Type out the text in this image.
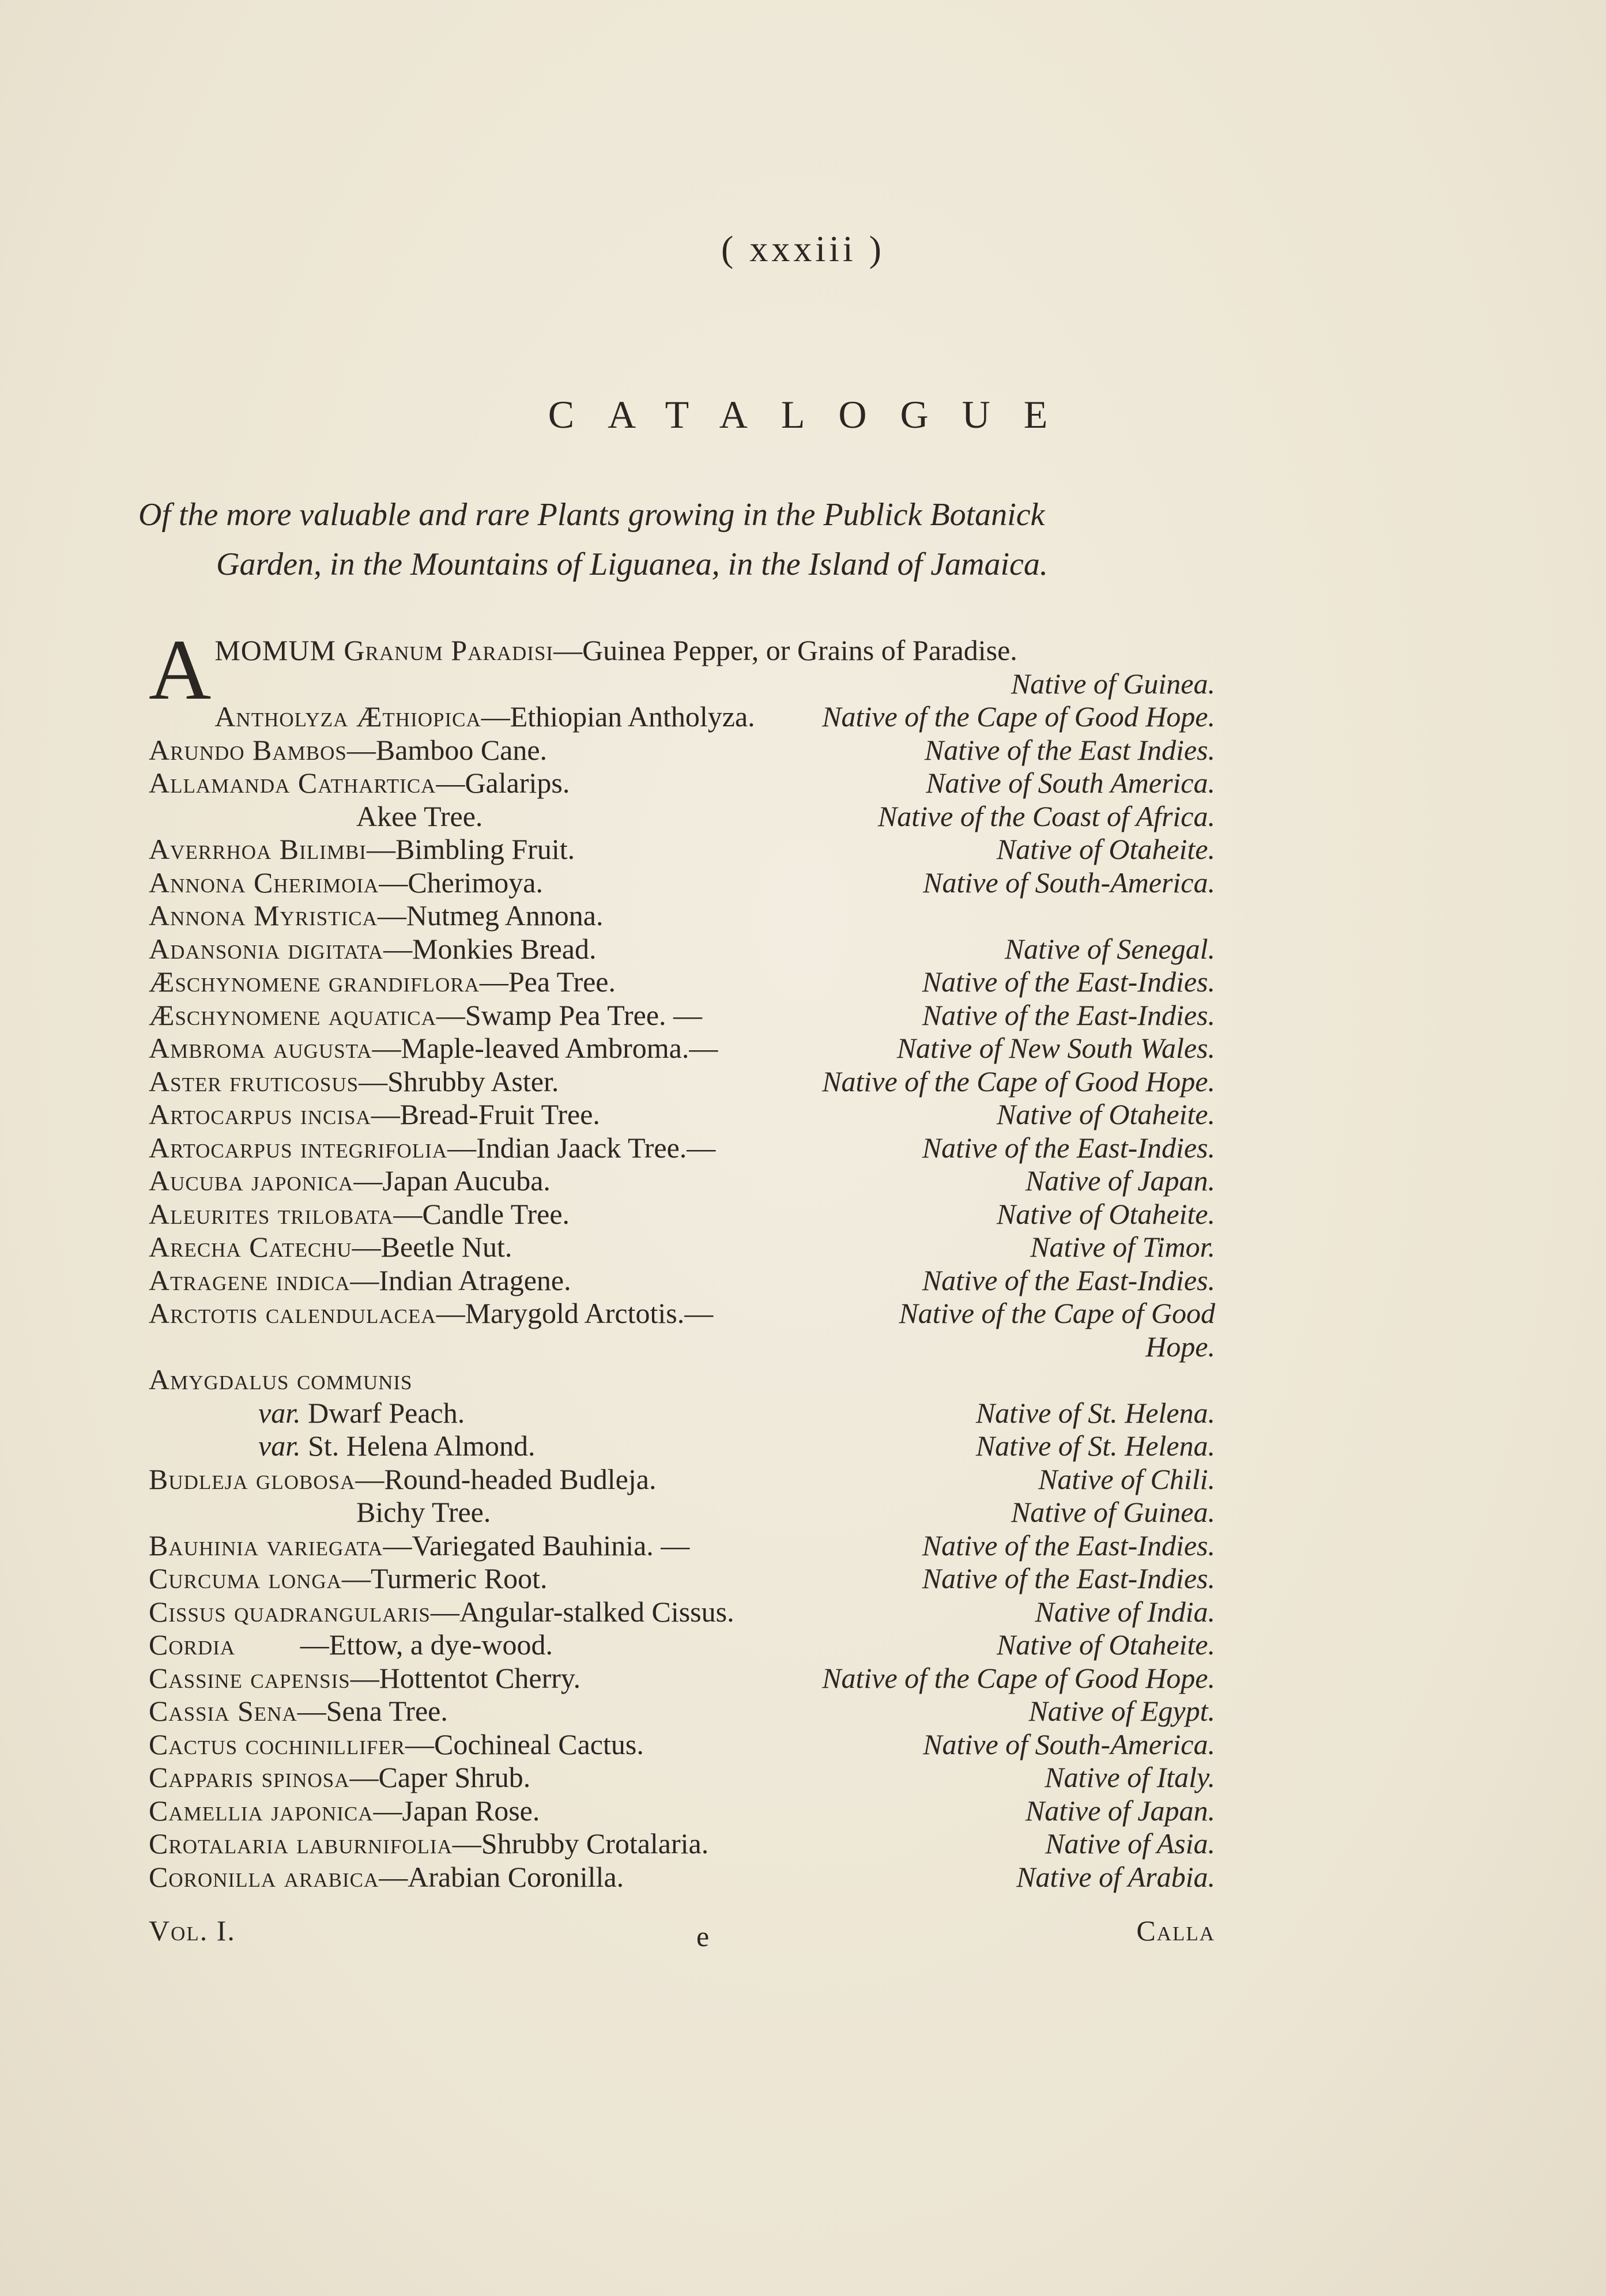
( xxxiii )
CATALOGUE
Of the more valuable and rare Plants growing in the Publick Botanick
Garden, in the Mountains of Liguanea, in the Island of Jamaica.
A MOMUM Granum Paradisi—Guinea Pepper, or Grains of Paradise.
Native of Guinea.
Antholyza Æthiopica—Ethiopian Antholyza. Native of the Cape of Good Hope.
Arundo Bambos—Bamboo Cane.	Native of the East Indies.
Allamanda Cathartica—Galarips.	Native of South America.
Akee Tree.	Native of the Coast of Africa.
Averrhoa Bilimbi—Bimbling Fruit.	Native of Otaheite.
Annona Cherimoia—Cherimoya.	Native of South-America.
Annona Myristica—Nutmeg Annona.
Adansonia digitata—Monkies Bread.	Native of Senegal.
Æschynomene grandiflora—Pea Tree.	Native of the East-Indies.
Æschynomene aquatica—Swamp Pea Tree. —	Native of the East-Indies.
Ambroma augusta—Maple-leaved Ambroma.—	Native of New South Wales.
Aster fruticosus—Shrubby Aster.	Native of the Cape of Good Hope.
Artocarpus incisa—Bread-Fruit Tree.	Native of Otaheite.
Artocarpus integrifolia—Indian Jaack Tree.—	Native of the East-Indies.
Aucuba japonica—Japan Aucuba.	Native of Japan.
Aleurites trilobata—Candle Tree.	Native of Otaheite.
Arecha Catechu—Beetle Nut.	Native of Timor.
Atragene indica—Indian Atragene.	Native of the East-Indies.
Arctotis calendulacea—Marygold Arctotis.—	Native of the Cape of Good Hope.
Amygdalus communis
var. Dwarf Peach.	Native of St. Helena.
var. St. Helena Almond.	Native of St. Helena.
Budleja globosa—Round-headed Budleja.	Native of Chili.
Bichy Tree.	Native of Guinea.
Bauhinia variegata—Variegated Bauhinia. —	Native of the East-Indies.
Curcuma longa—Turmeric Root.	Native of the East-Indies.
Cissus quadrangularis—Angular-stalked Cissus.	Native of India.
Cordia         —Ettow, a dye-wood.	Native of Otaheite.
Cassine capensis—Hottentot Cherry.	Native of the Cape of Good Hope.
Cassia Sena—Sena Tree.	Native of Egypt.
Cactus cochinillifer—Cochineal Cactus.	Native of South-America.
Capparis spinosa—Caper Shrub.	Native of Italy.
Camellia japonica—Japan Rose.	Native of Japan.
Crotalaria laburnifolia—Shrubby Crotalaria.	Native of Asia.
Coronilla arabica—Arabian Coronilla.	Native of Arabia.
Vol. I.	e	Calla
